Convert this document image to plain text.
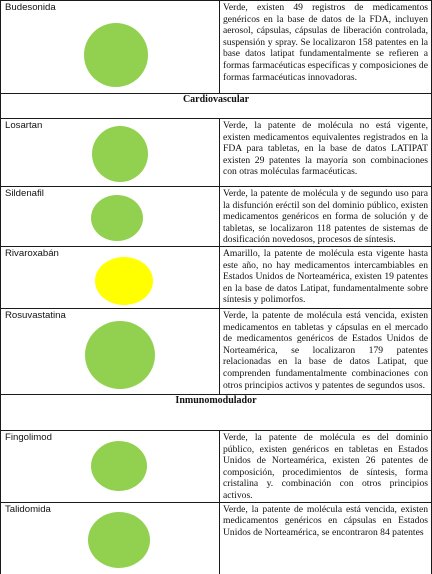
Budesonida	Verde, existen 49 registros de medicamentos genéricos en la base de datos de la FDA, incluyen aerosol, cápsulas, cápsulas de liberación controlada, suspensión y spray. Se localizaron 158 patentes en la base datos latipat fundamentalmente se refieren a formas farmacéuticas específicas y composiciones de formas farmacéuticas innovadoras.

Cardiovascular	

Losartan	Verde, la patente de molécula no está vigente, existen medicamentos equivalentes registrados en la FDA para tabletas, en la base de datos LATIPAT existen 29 patentes la mayoría son combinaciones con otras moléculas farmacéuticas.

Sildenafil	Verde, la patente de molécula y de segundo uso para la disfunción eréctil son del dominio público, existen medicamentos genéricos en forma de solución y de tabletas, se localizaron 118 patentes de sistemas de dosificación novedosos, procesos de síntesis.

Rivaroxabán	Amarillo, la patente de molécula esta vigente hasta este año, no hay medicamentos intercambiables en Estados Unidos de Norteamérica, existen 19 patentes en la base de datos Latipat, fundamentalmente sobre síntesis y polimorfos.

Rosuvastatina	Verde, la patente de molécula está vencida, existen medicamentos en tabletas y cápsulas en el mercado de medicamentos genéricos de Estados Unidos de Norteamérica, se localizaron 179 patentes relacionadas en la base de datos Latipat, que comprenden fundamentalmente combinaciones con otros principios activos y patentes de segundos usos.

Inmunomodulador	

Fingolimod	Verde, la patente de molécula es del dominio público, existen genéricos en tabletas en Estados Unidos de Norteamérica, existen 26 patentes de composición, procedimientos de síntesis, forma cristalina y. combinación con otros principios activos.

Talidomida	Verde, la patente de molécula está vencida, existen medicamentos genéricos en cápsulas en Estados Unidos de Norteamérica, se encontraron 84 patentes
